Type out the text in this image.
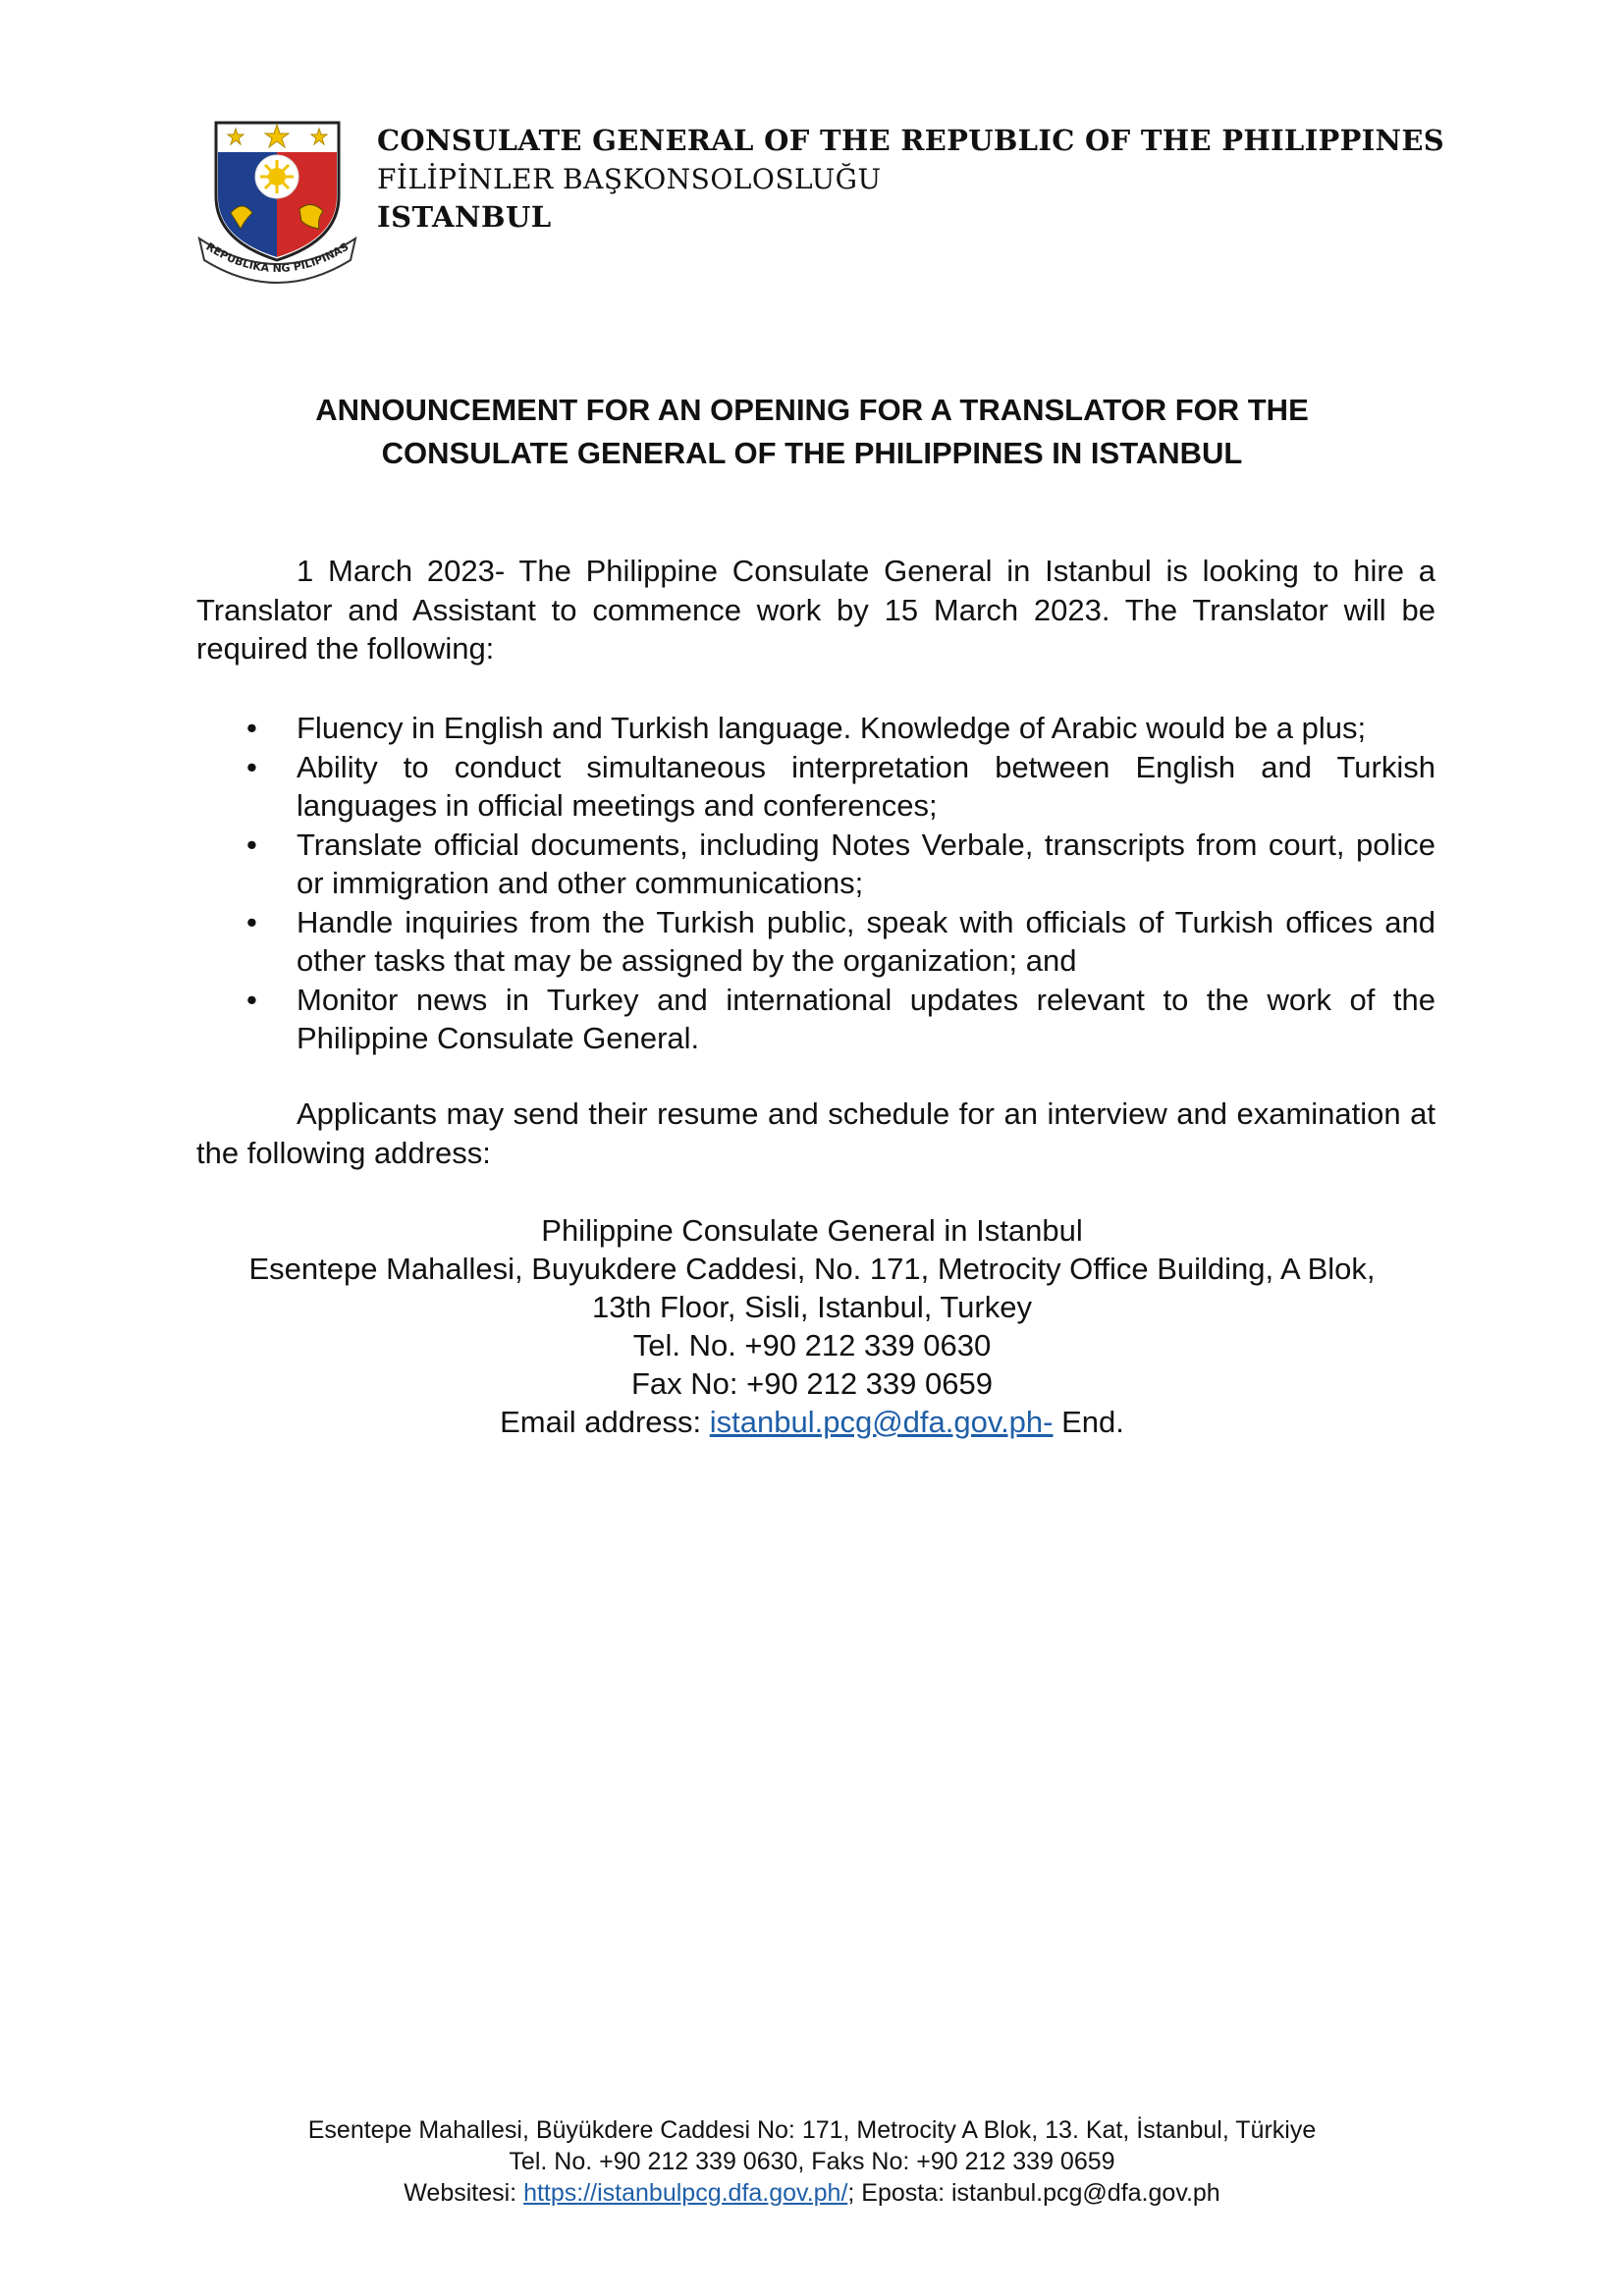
REPUBLIKA NG PILIPINAS
CONSULATE GENERAL OF THE REPUBLIC OF THE PHILIPPINES
FİLİPİNLER BAŞKONSOLOSLUĞU
ISTANBUL
ANNOUNCEMENT FOR AN OPENING FOR A TRANSLATOR FOR THE
CONSULATE GENERAL OF THE PHILIPPINES IN ISTANBUL
1 March 2023- The Philippine Consulate General in Istanbul is looking to hire a Translator and Assistant to commence work by 15 March 2023. The Translator will be required the following:
• Fluency in English and Turkish language. Knowledge of Arabic would be a plus;
• Ability to conduct simultaneous interpretation between English and Turkish languages in official meetings and conferences;
• Translate official documents, including Notes Verbale, transcripts from court, police or immigration and other communications;
• Handle inquiries from the Turkish public, speak with officials of Turkish offices and other tasks that may be assigned by the organization; and
• Monitor news in Turkey and international updates relevant to the work of the Philippine Consulate General.
Applicants may send their resume and schedule for an interview and examination at the following address:
Philippine Consulate General in Istanbul
Esentepe Mahallesi, Buyukdere Caddesi, No. 171, Metrocity Office Building, A Blok,
13th Floor, Sisli, Istanbul, Turkey
Tel. No. +90 212 339 0630
Fax No: +90 212 339 0659
Email address: istanbul.pcg@dfa.gov.ph- End.
Esentepe Mahallesi, Büyükdere Caddesi No: 171, Metrocity A Blok, 13. Kat, İstanbul, Türkiye
Tel. No. +90 212 339 0630, Faks No: +90 212 339 0659
Websitesi: https://istanbulpcg.dfa.gov.ph/; Eposta: istanbul.pcg@dfa.gov.ph
